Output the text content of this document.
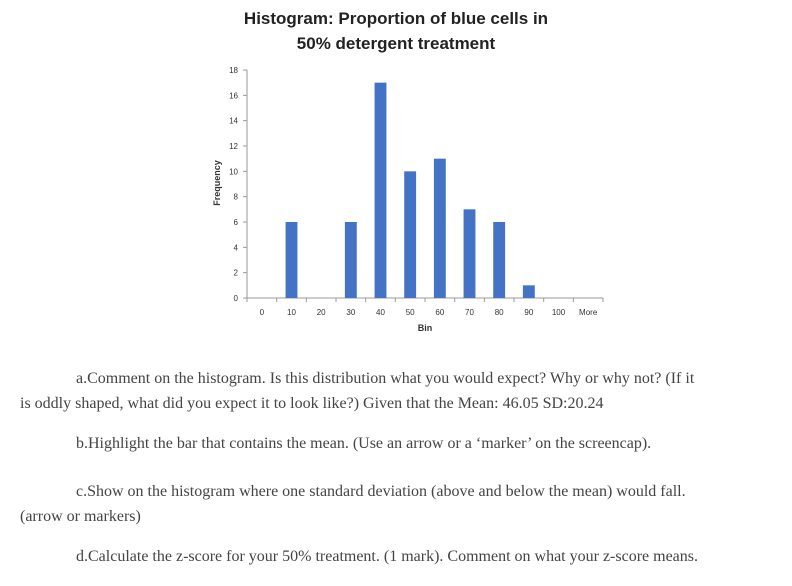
Histogram: Proportion of blue cells in
50% detergent treatment
0
2
4
6
8
10
12
14
16
18
0	10	20	30	40	50	60	70	80	90 100 More
Frequency
Bin

a.Comment on the histogram. Is this distribution what you would expect? Why or why not? (If it

is oddly shaped, what did you expect it to look like?) Given that the Mean: 46.05 SD:20.24

b.Highlight the bar that contains the mean. (Use an arrow or a ‘marker’ on the screencap).

c.Show on the histogram where one standard deviation (above and below the mean) would fall.

(arrow or markers)

d.Calculate the z-score for your 50% treatment. (1 mark). Comment on what your z-score means.
